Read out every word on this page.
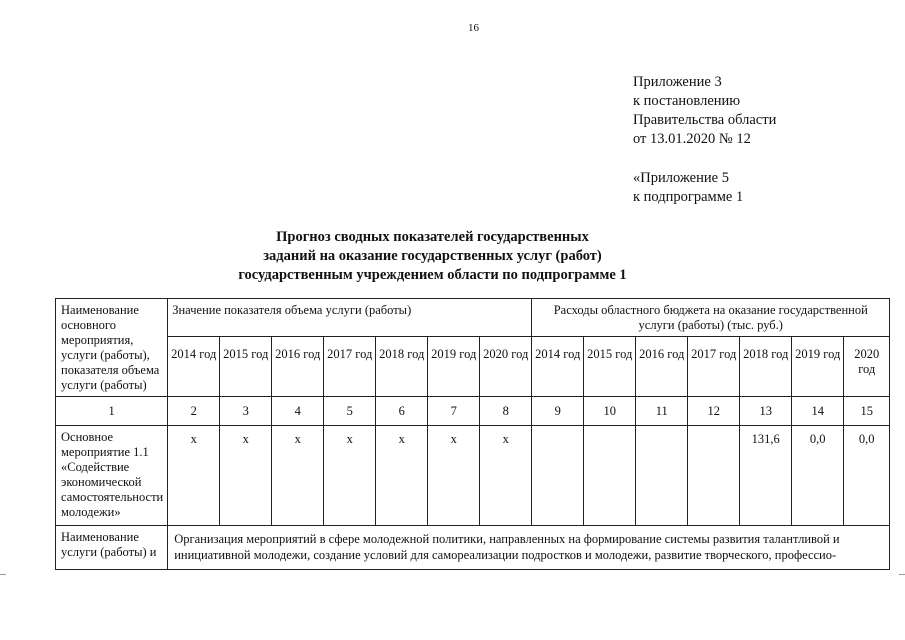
16
Приложение 3
к постановлению
Правительства области
от 13.01.2020 № 12
«Приложение 5
к подпрограмме 1
Прогноз сводных показателей государственных
заданий на оказание государственных услуг (работ)
государственным учреждением области по подпрограмме 1
Наименование основного мероприятия, услуги (работы), показателя объема услуги (работы)	Значение показателя объема услуги (работы)							Расходы областного бюджета на оказание государственной услуги (работы) (тыс. руб.)						
	2014 год	2015 год	2016 год	2017 год	2018 год	2019 год	2020 год	2014 год	2015 год	2016 год	2017 год	2018 год	2019 год	2020 год
1	2	3	4	5	6	7	8	9	10	11	12	13	14	15
Основное мероприятие 1.1 «Содействие экономической самостоятельности молодежи»	x	x	x	x	x	x	x					131,6	0,0	0,0
Наименование услуги (работы) и	Организация мероприятий в сфере молодежной политики, направленных на формирование системы развития талантливой и инициативной молодежи, создание условий для самореализации подростков и молодежи, развитие творческого, профессио-													
